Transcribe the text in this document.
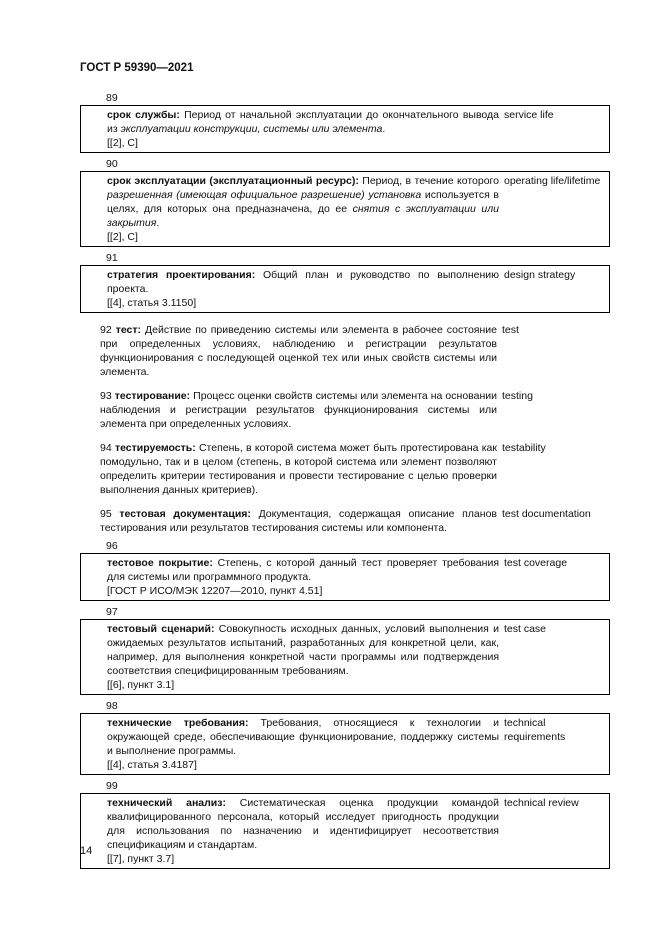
ГОСТ Р 59390—2021
89
срок службы: Период от начальной эксплуатации до окончательного вывода из эксплуатации конструкции, системы или элемента.
[[2], C]
service life
90
срок эксплуатации (эксплуатационный ресурс): Период, в течение которого разрешенная (имеющая официальное разрешение) установка используется в целях, для которых она предназначена, до ее снятия с эксплуатации или закрытия.
[[2], C]
operating life/lifetime
91
стратегия проектирования: Общий план и руководство по выполнению проекта.
[[4], статья 3.1150]
design strategy
92 тест: Действие по приведению системы или элемента в рабочее состояние при определенных условиях, наблюдению и регистрации результатов функционирования с последующей оценкой тех или иных свойств системы или элемента.
test
93 тестирование: Процесс оценки свойств системы или элемента на основании наблюдения и регистрации результатов функционирования системы или элемента при определенных условиях.
testing
94 тестируемость: Степень, в которой система может быть протестирована как помодульно, так и в целом (степень, в которой система или элемент позволяют определить критерии тестирования и провести тестирование с целью проверки выполнения данных критериев).
testability
95 тестовая документация: Документация, содержащая описание планов тестирования или результатов тестирования системы или компонента.
test documentation
96
тестовое покрытие: Степень, с которой данный тест проверяет требования для системы или программного продукта.
[ГОСТ Р ИСО/МЭК 12207—2010, пункт 4.51]
test coverage
97
тестовый сценарий: Совокупность исходных данных, условий выполнения и ожидаемых результатов испытаний, разработанных для конкретной цели, как, например, для выполнения конкретной части программы или подтверждения соответствия специфицированным требованиям.
[[6], пункт 3.1]
test case
98
технические требования: Требования, относящиеся к технологии и окружающей среде, обеспечивающие функционирование, поддержку системы и выполнение программы.
[[4], статья 3.4187]
technical requirements
99
технический анализ: Систематическая оценка продукции командой квалифицированного персонала, который исследует пригодность продукции для использования по назначению и идентифицирует несоответствия спецификациям и стандартам.
[[7], пункт 3.7]
technical review
14
